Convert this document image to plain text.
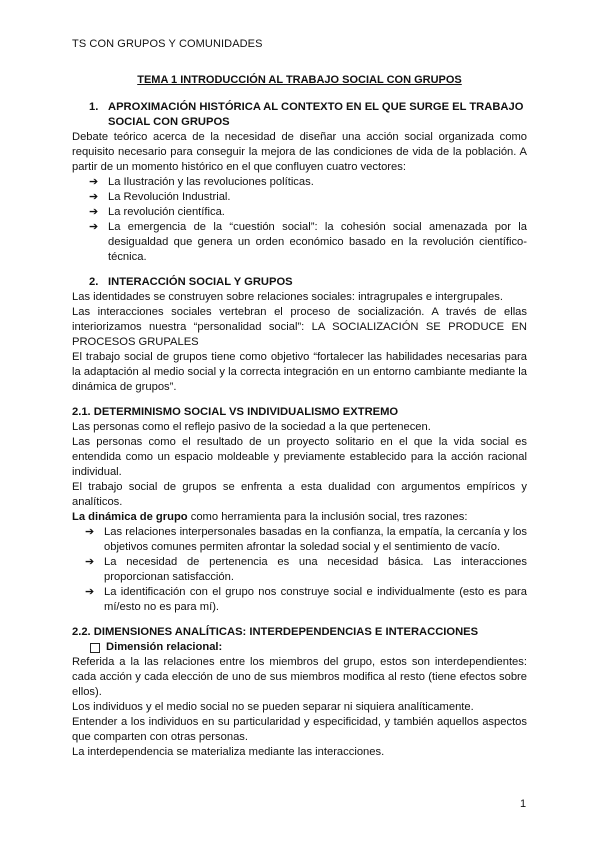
TS CON GRUPOS Y COMUNIDADES

TEMA 1 INTRODUCCIÓN AL TRABAJO SOCIAL CON GRUPOS

1. APROXIMACIÓN HISTÓRICA AL CONTEXTO EN EL QUE SURGE EL TRABAJO SOCIAL CON GRUPOS

Debate teórico acerca de la necesidad de diseñar una acción social organizada como requisito necesario para conseguir la mejora de las condiciones de vida de la población. A partir de un momento histórico en el que confluyen cuatro vectores:

➔ La Ilustración y las revoluciones políticas.
➔ La Revolución Industrial.
➔ La revolución científica.
➔ La emergencia de la “cuestión social”: la cohesión social amenazada por la desigualdad que genera un orden económico basado en la revolución científico-técnica.
2. INTERACCIÓN SOCIAL Y GRUPOS

Las identidades se construyen sobre relaciones sociales: intragrupales e intergrupales.

Las interacciones sociales vertebran el proceso de socialización. A través de ellas interiorizamos nuestra “personalidad social”: LA SOCIALIZACIÓN SE PRODUCE EN PROCESOS GRUPALES

El trabajo social de grupos tiene como objetivo “fortalecer las habilidades necesarias para la adaptación al medio social y la correcta integración en un entorno cambiante mediante la dinámica de grupos”.

2.1. DETERMINISMO SOCIAL VS INDIVIDUALISMO EXTREMO

Las personas como el reflejo pasivo de la sociedad a la que pertenecen.

Las personas como el resultado de un proyecto solitario en el que la vida social es entendida como un espacio moldeable y previamente establecido para la acción racional individual.

El trabajo social de grupos se enfrenta a esta dualidad con argumentos empíricos y analíticos.

La dinámica de grupo como herramienta para la inclusión social, tres razones:

➔ Las relaciones interpersonales basadas en la confianza, la empatía, la cercanía y los objetivos comunes permiten afrontar la soledad social y el sentimiento de vacío.
➔ La necesidad de pertenencia es una necesidad básica. Las interacciones proporcionan satisfacción.
➔ La identificación con el grupo nos construye social e individualmente (esto es para mí/esto no es para mí).
2.2. DIMENSIONES ANALÍTICAS: INTERDEPENDENCIAS E INTERACCIONES
Dimensión relacional:

Referida a la las relaciones entre los miembros del grupo, estos son interdependientes: cada acción y cada elección de uno de sus miembros modifica al resto (tiene efectos sobre ellos).

Los individuos y el medio social no se pueden separar ni siquiera analíticamente.

Entender a los individuos en su particularidad y especificidad, y también aquellos aspectos que comparten con otras personas.

La interdependencia se materializa mediante las interacciones.

1
